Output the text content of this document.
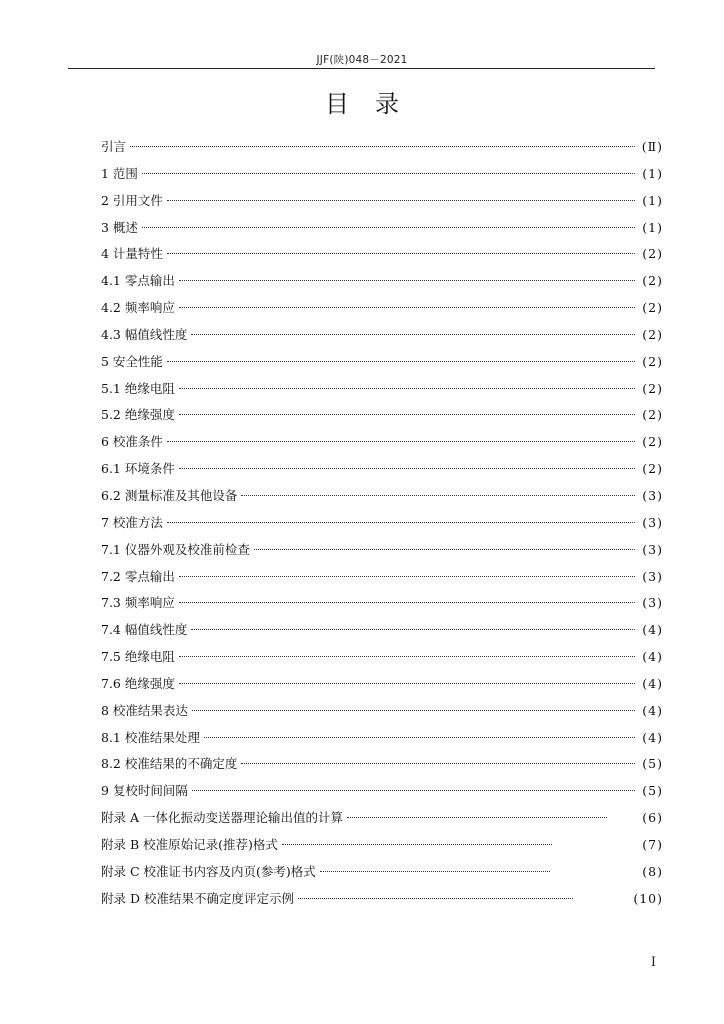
JJF(陕)048－2021
目录
引言	(Ⅱ)
1 范围	(1)
2 引用文件	(1)
3 概述	(1)
4 计量特性	(2)
4.1 零点输出	(2)
4.2 频率响应	(2)
4.3 幅值线性度	(2)
5 安全性能	(2)
5.1 绝缘电阻	(2)
5.2 绝缘强度	(2)
6 校准条件	(2)
6.1 环境条件	(2)
6.2 测量标准及其他设备	(3)
7 校准方法	(3)
7.1 仪器外观及校准前检查	(3)
7.2 零点输出	(3)
7.3 频率响应	(3)
7.4 幅值线性度	(4)
7.5 绝缘电阻	(4)
7.6 绝缘强度	(4)
8 校准结果表达	(4)
8.1 校准结果处理	(4)
8.2 校准结果的不确定度	(5)
9 复校时间间隔	(5)
附录 A 一体化振动变送器理论输出值的计算	(6)
附录 B 校准原始记录(推荐)格式	(7)
附录 C 校准证书内容及内页(参考)格式	(8)
附录 D 校准结果不确定度评定示例	(10)
I
